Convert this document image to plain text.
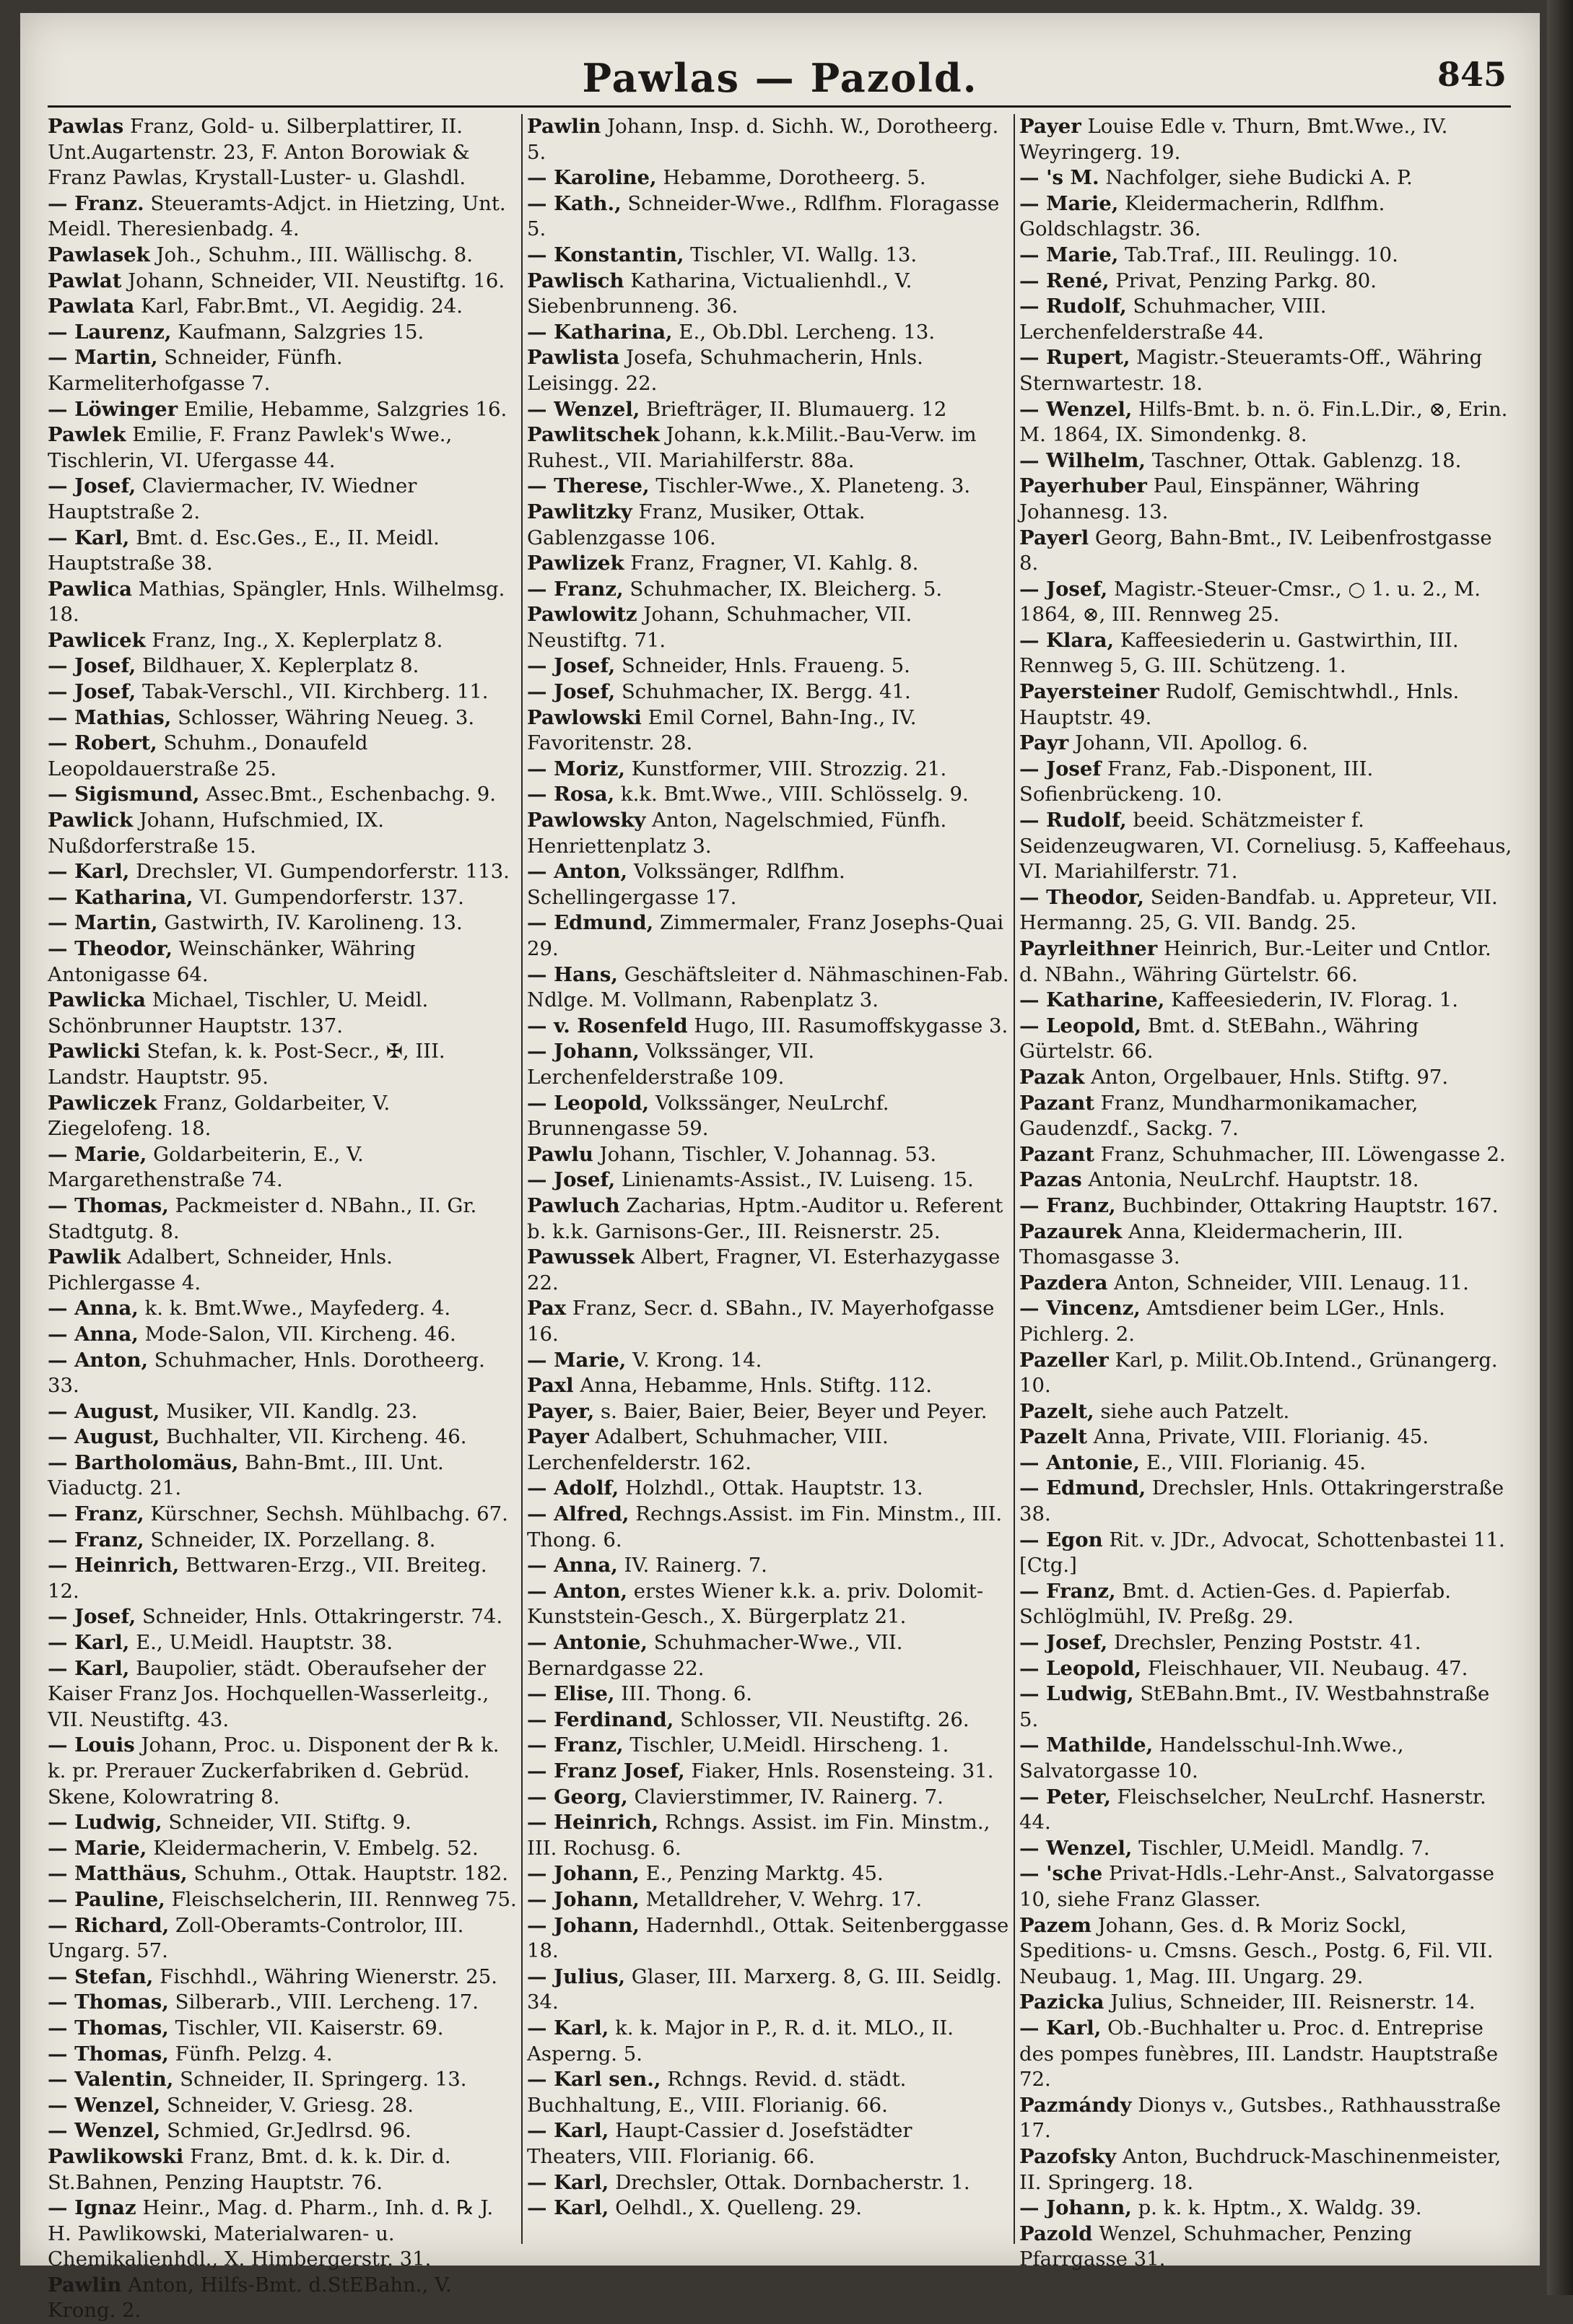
Pawlas — Pazold.	845

Pawlas Franz, Gold- u. Silberplattirer, II. Unt.Augartenstr. 23, F. Anton Borowiak & Franz Pawlas, Krystall-Luster- u. Glashdl.

— Franz. Steueramts-Adjct. in Hietzing, Unt. Meidl. Theresienbadg. 4.

Pawlasek Joh., Schuhm., III. Wällischg. 8.

Pawlat Johann, Schneider, VII. Neustiftg. 16.

Pawlata Karl, Fabr.Bmt., VI. Aegidig. 24.

— Laurenz, Kaufmann, Salzgries 15.

— Martin, Schneider, Fünfh. Karmeliterhofgasse 7.

— Löwinger Emilie, Hebamme, Salzgries 16.

Pawlek Emilie, F. Franz Pawlek's Wwe., Tischlerin, VI. Ufergasse 44.

— Josef, Claviermacher, IV. Wiedner Hauptstraße 2.

— Karl, Bmt. d. Esc.Ges., E., II. Meidl. Hauptstraße 38.

Pawlica Mathias, Spängler, Hnls. Wilhelmsg. 18.

Pawlicek Franz, Ing., X. Keplerplatz 8.

— Josef, Bildhauer, X. Keplerplatz 8.

— Josef, Tabak-Verschl., VII. Kirchberg. 11.

— Mathias, Schlosser, Währing Neueg. 3.

— Robert, Schuhm., Donaufeld Leopoldauerstraße 25.

— Sigismund, Assec.Bmt., Eschenbachg. 9.

Pawlick Johann, Hufschmied, IX. Nußdorferstraße 15.

— Karl, Drechsler, VI. Gumpendorferstr. 113.

— Katharina, VI. Gumpendorferstr. 137.

— Martin, Gastwirth, IV. Karolineng. 13.

— Theodor, Weinschänker, Währing Antonigasse 64.

Pawlicka Michael, Tischler, U. Meidl. Schönbrunner Hauptstr. 137.

Pawlicki Stefan, k. k. Post-Secr., ✠, III. Landstr. Hauptstr. 95.

Pawliczek Franz, Goldarbeiter, V. Ziegelofeng. 18.

— Marie, Goldarbeiterin, E., V. Margarethenstraße 74.

— Thomas, Packmeister d. NBahn., II. Gr. Stadtgutg. 8.

Pawlik Adalbert, Schneider, Hnls. Pichlergasse 4.

— Anna, k. k. Bmt.Wwe., Mayfederg. 4.

— Anna, Mode-Salon, VII. Kircheng. 46.

— Anton, Schuhmacher, Hnls. Dorotheerg. 33.

— August, Musiker, VII. Kandlg. 23.

— August, Buchhalter, VII. Kircheng. 46.

— Bartholomäus, Bahn-Bmt., III. Unt. Viaductg. 21.

— Franz, Kürschner, Sechsh. Mühlbachg. 67.

— Franz, Schneider, IX. Porzellang. 8.

— Heinrich, Bettwaren-Erzg., VII. Breiteg. 12.

— Josef, Schneider, Hnls. Ottakringerstr. 74.

— Karl, E., U.Meidl. Hauptstr. 38.

— Karl, Baupolier, städt. Oberaufseher der Kaiser Franz Jos. Hochquellen-Wasserleitg., VII. Neustiftg. 43.

— Louis Johann, Proc. u. Disponent der ℞ k. k. pr. Prerauer Zuckerfabriken d. Gebrüd. Skene, Kolowratring 8.

— Ludwig, Schneider, VII. Stiftg. 9.

— Marie, Kleidermacherin, V. Embelg. 52.

— Matthäus, Schuhm., Ottak. Hauptstr. 182.

— Pauline, Fleischselcherin, III. Rennweg 75.

— Richard, Zoll-Oberamts-Controlor, III. Ungarg. 57.

— Stefan, Fischhdl., Währing Wienerstr. 25.

— Thomas, Silberarb., VIII. Lercheng. 17.

— Thomas, Tischler, VII. Kaiserstr. 69.

— Thomas, Fünfh. Pelzg. 4.

— Valentin, Schneider, II. Springerg. 13.

— Wenzel, Schneider, V. Griesg. 28.

— Wenzel, Schmied, Gr.Jedlrsd. 96.

Pawlikowski Franz, Bmt. d. k. k. Dir. d. St.Bahnen, Penzing Hauptstr. 76.

— Ignaz Heinr., Mag. d. Pharm., Inh. d. ℞ J. H. Pawlikowski, Materialwaren- u. Chemikalienhdl., X. Himbergerstr. 31.

Pawlin Anton, Hilfs-Bmt. d.StEBahn., V. Krong. 2.

Pawlin Johann, Insp. d. Sichh. W., Dorotheerg. 5.

— Karoline, Hebamme, Dorotheerg. 5.

— Kath., Schneider-Wwe., Rdlfhm. Floragasse 5.

— Konstantin, Tischler, VI. Wallg. 13.

Pawlisch Katharina, Victualienhdl., V. Siebenbrunneng. 36.

— Katharina, E., Ob.Dbl. Lercheng. 13.

Pawlista Josefa, Schuhmacherin, Hnls. Leisingg. 22.

— Wenzel, Briefträger, II. Blumauerg. 12

Pawlitschek Johann, k.k.Milit.-Bau-Verw. im Ruhest., VII. Mariahilferstr. 88a.

— Therese, Tischler-Wwe., X. Planeteng. 3.

Pawlitzky Franz, Musiker, Ottak. Gablenzgasse 106.

Pawlizek Franz, Fragner, VI. Kahlg. 8.

— Franz, Schuhmacher, IX. Bleicherg. 5.

Pawlowitz Johann, Schuhmacher, VII. Neustiftg. 71.

— Josef, Schneider, Hnls. Fraueng. 5.

— Josef, Schuhmacher, IX. Bergg. 41.

Pawlowski Emil Cornel, Bahn-Ing., IV. Favoritenstr. 28.

— Moriz, Kunstformer, VIII. Strozzig. 21.

— Rosa, k.k. Bmt.Wwe., VIII. Schlösselg. 9.

Pawlowsky Anton, Nagelschmied, Fünfh. Henriettenplatz 3.

— Anton, Volkssänger, Rdlfhm. Schellingergasse 17.

— Edmund, Zimmermaler, Franz Josephs-Quai 29.

— Hans, Geschäftsleiter d. Nähmaschinen-Fab. Ndlge. M. Vollmann, Rabenplatz 3.

— v. Rosenfeld Hugo, III. Rasumoffskygasse 3.

— Johann, Volkssänger, VII. Lerchenfelderstraße 109.

— Leopold, Volkssänger, NeuLrchf. Brunnengasse 59.

Pawlu Johann, Tischler, V. Johannag. 53.

— Josef, Linienamts-Assist., IV. Luiseng. 15.

Pawluch Zacharias, Hptm.-Auditor u. Referent b. k.k. Garnisons-Ger., III. Reisnerstr. 25.

Pawussek Albert, Fragner, VI. Esterhazygasse 22.

Pax Franz, Secr. d. SBahn., IV. Mayerhofgasse 16.

— Marie, V. Krong. 14.

Paxl Anna, Hebamme, Hnls. Stiftg. 112.

Payer, s. Baier, Baier, Beier, Beyer und Peyer.

Payer Adalbert, Schuhmacher, VIII. Lerchenfelderstr. 162.

— Adolf, Holzhdl., Ottak. Hauptstr. 13.

— Alfred, Rechngs.Assist. im Fin. Minstm., III. Thong. 6.

— Anna, IV. Rainerg. 7.

— Anton, erstes Wiener k.k. a. priv. Dolomit-Kunststein-Gesch., X. Bürgerplatz 21.

— Antonie, Schuhmacher-Wwe., VII. Bernardgasse 22.

— Elise, III. Thong. 6.

— Ferdinand, Schlosser, VII. Neustiftg. 26.

— Franz, Tischler, U.Meidl. Hirscheng. 1.

— Franz Josef, Fiaker, Hnls. Rosensteing. 31.

— Georg, Clavierstimmer, IV. Rainerg. 7.

— Heinrich, Rchngs. Assist. im Fin. Minstm., III. Rochusg. 6.

— Johann, E., Penzing Marktg. 45.

— Johann, Metalldreher, V. Wehrg. 17.

— Johann, Hadernhdl., Ottak. Seitenberggasse 18.

— Julius, Glaser, III. Marxerg. 8, G. III. Seidlg. 34.

— Karl, k. k. Major in P., R. d. it. MLO., II. Asperng. 5.

— Karl sen., Rchngs. Revid. d. städt. Buchhaltung, E., VIII. Florianig. 66.

— Karl, Haupt-Cassier d. Josefstädter Theaters, VIII. Florianig. 66.

— Karl, Drechsler, Ottak. Dornbacherstr. 1.

— Karl, Oelhdl., X. Quelleng. 29.

Payer Louise Edle v. Thurn, Bmt.Wwe., IV. Weyringerg. 19.

— 's M. Nachfolger, siehe Budicki A. P.

— Marie, Kleidermacherin, Rdlfhm. Goldschlagstr. 36.

— Marie, Tab.Traf., III. Reulingg. 10.

— René, Privat, Penzing Parkg. 80.

— Rudolf, Schuhmacher, VIII. Lerchenfelderstraße 44.

— Rupert, Magistr.-Steueramts-Off., Währing Sternwartestr. 18.

— Wenzel, Hilfs-Bmt. b. n. ö. Fin.L.Dir., ⊗, Erin. M. 1864, IX. Simondenkg. 8.

— Wilhelm, Taschner, Ottak. Gablenzg. 18.

Payerhuber Paul, Einspänner, Währing Johannesg. 13.

Payerl Georg, Bahn-Bmt., IV. Leibenfrostgasse 8.

— Josef, Magistr.-Steuer-Cmsr., ○ 1. u. 2., M. 1864, ⊗, III. Rennweg 25.

— Klara, Kaffeesiederin u. Gastwirthin, III. Rennweg 5, G. III. Schützeng. 1.

Payersteiner Rudolf, Gemischtwhdl., Hnls. Hauptstr. 49.

Payr Johann, VII. Apollog. 6.

— Josef Franz, Fab.-Disponent, III. Sofienbrückeng. 10.

— Rudolf, beeid. Schätzmeister f. Seidenzeugwaren, VI. Corneliusg. 5, Kaffeehaus, VI. Mariahilferstr. 71.

— Theodor, Seiden-Bandfab. u. Appreteur, VII. Hermanng. 25, G. VII. Bandg. 25.

Payrleithner Heinrich, Bur.-Leiter und Cntlor. d. NBahn., Währing Gürtelstr. 66.

— Katharine, Kaffeesiederin, IV. Florag. 1.

— Leopold, Bmt. d. StEBahn., Währing Gürtelstr. 66.

Pazak Anton, Orgelbauer, Hnls. Stiftg. 97.

Pazant Franz, Mundharmonikamacher, Gaudenzdf., Sackg. 7.

Pazant Franz, Schuhmacher, III. Löwengasse 2.

Pazas Antonia, NeuLrchf. Hauptstr. 18.

— Franz, Buchbinder, Ottakring Hauptstr. 167.

Pazaurek Anna, Kleidermacherin, III. Thomasgasse 3.

Pazdera Anton, Schneider, VIII. Lenaug. 11.

— Vincenz, Amtsdiener beim LGer., Hnls. Pichlerg. 2.

Pazeller Karl, p. Milit.Ob.Intend., Grünangerg. 10.

Pazelt, siehe auch Patzelt.

Pazelt Anna, Private, VIII. Florianig. 45.

— Antonie, E., VIII. Florianig. 45.

— Edmund, Drechsler, Hnls. Ottakringerstraße 38.

— Egon Rit. v. JDr., Advocat, Schottenbastei 11. [Ctg.]

— Franz, Bmt. d. Actien-Ges. d. Papierfab. Schlöglmühl, IV. Preßg. 29.

— Josef, Drechsler, Penzing Poststr. 41.

— Leopold, Fleischhauer, VII. Neubaug. 47.

— Ludwig, StEBahn.Bmt., IV. Westbahnstraße 5.

— Mathilde, Handelsschul-Inh.Wwe., Salvatorgasse 10.

— Peter, Fleischselcher, NeuLrchf. Hasnerstr. 44.

— Wenzel, Tischler, U.Meidl. Mandlg. 7.

— 'sche Privat-Hdls.-Lehr-Anst., Salvatorgasse 10, siehe Franz Glasser.

Pazem Johann, Ges. d. ℞ Moriz Sockl, Speditions- u. Cmsns. Gesch., Postg. 6, Fil. VII. Neubaug. 1, Mag. III. Ungarg. 29.

Pazicka Julius, Schneider, III. Reisnerstr. 14.

— Karl, Ob.-Buchhalter u. Proc. d. Entreprise des pompes funèbres, III. Landstr. Hauptstraße 72.

Pazmándy Dionys v., Gutsbes., Rathhausstraße 17.

Pazofsky Anton, Buchdruck-Maschinenmeister, II. Springerg. 18.

— Johann, p. k. k. Hptm., X. Waldg. 39.

Pazold Wenzel, Schuhmacher, Penzing Pfarrgasse 31.
